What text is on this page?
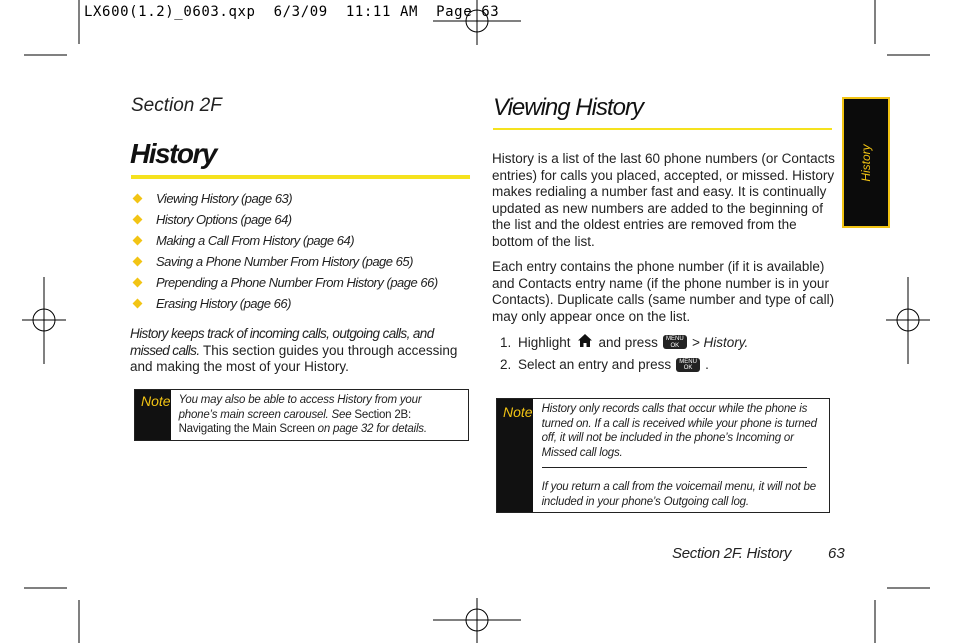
LX600(1.2)_0603.qxp  6/3/09  11:11 AM  Page 63
Section 2F
History
Viewing History (page 63)
History Options (page 64)
Making a Call From History (page 64)
Saving a Phone Number From History (page 65)
Prepending a Phone Number From History (page 66)
Erasing History (page 66)
History keeps track of incoming calls, outgoing calls, and missed calls. This section guides you through accessing and making the most of your History.
Note You may also be able to access History from your phone’s main screen carousel. See Section 2B: Navigating the Main Screen on page 32 for details.
Viewing History
History is a list of the last 60 phone numbers (or Contacts entries) for calls you placed, accepted, or missed. History makes redialing a number fast and easy. It is continually updated as new numbers are added to the beginning of the list and the oldest entries are removed from the bottom of the list.
Each entry contains the phone number (if it is available) and Contacts entry name (if the phone number is in your Contacts). Duplicate calls (same number and type of call) may only appear once on the list.
1. Highlight and press	MENU
OK > History.
2. Select an entry and press	MENU
OK .
Note History only records calls that occur while the phone is turned on. If a call is received while your phone is turned off, it will not be included in the phone’s Incoming or Missed call logs.
If you return a call from the voicemail menu, it will not be included in your phone’s Outgoing call log.
Section 2F. History 63
History
